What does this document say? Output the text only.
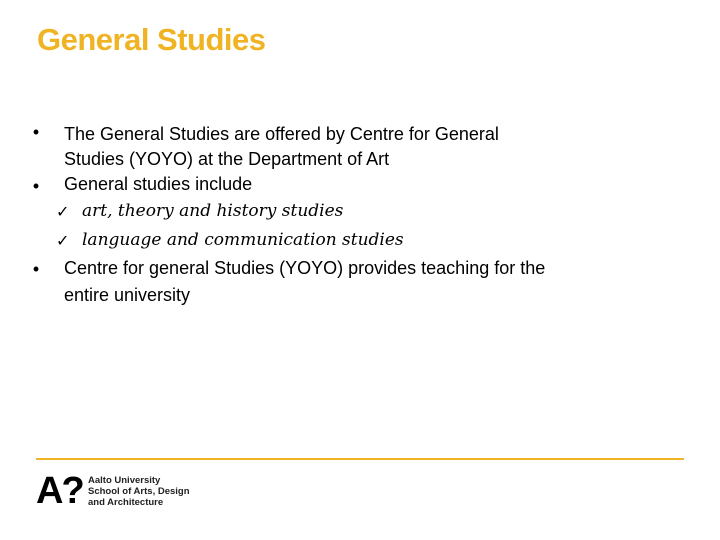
General Studies
• The General Studies are offered by Centre for General
Studies (YOYO) at the Department of Art
• General studies include
✓ art, theory and history studies
✓ language and communication studies
• Centre for general Studies (YOYO) provides teaching for the
entire university
A? Aalto University
School of Arts, Design
and Architecture
